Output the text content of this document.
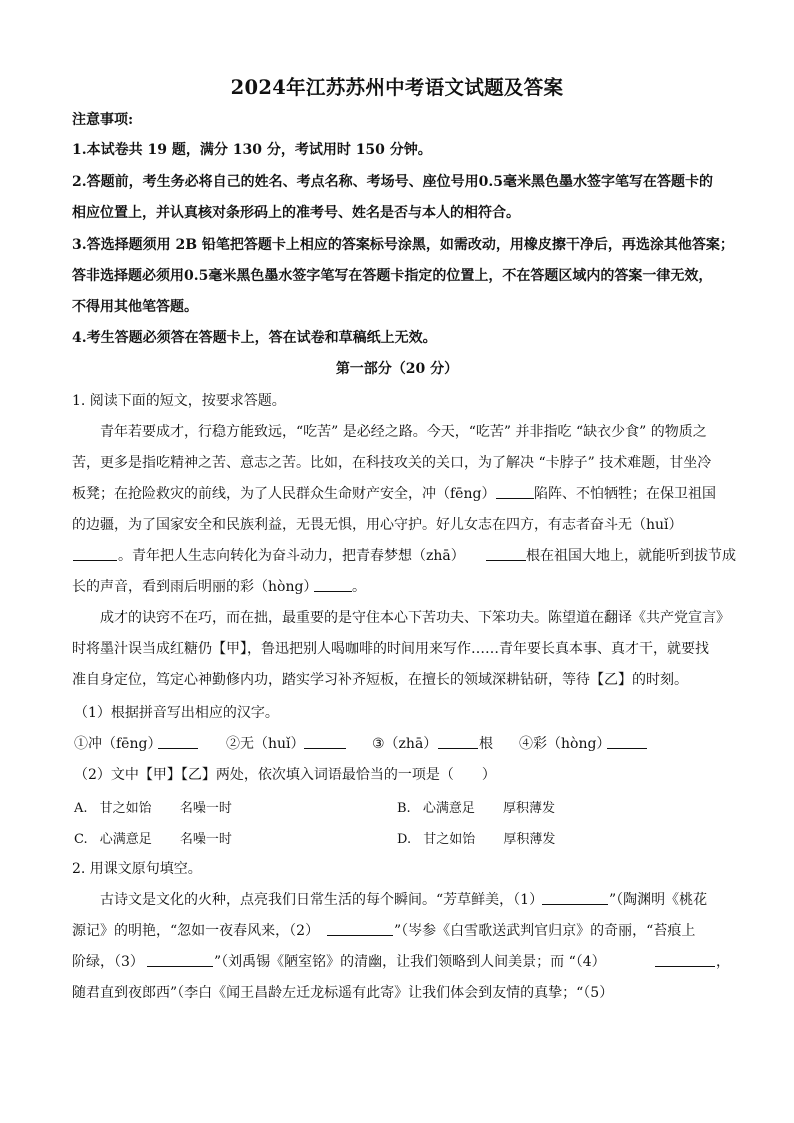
2024年江苏苏州中考语文试题及答案
注意事项:
1.本试卷共 19 题，满分 130 分，考试用时 150 分钟。
2.答题前，考生务必将自己的姓名、考点名称、考场号、座位号用0.5毫米黑色墨水签字笔写在答题卡的
相应位置上，并认真核对条形码上的准考号、姓名是否与本人的相符合。
3.答选择题须用 2B 铅笔把答题卡上相应的答案标号涂黑，如需改动，用橡皮擦干净后，再选涂其他答案；
答非选择题必须用0.5毫米黑色墨水签字笔写在答题卡指定的位置上，不在答题区域内的答案一律无效，
不得用其他笔答题。
4.考生答题必须答在答题卡上，答在试卷和草稿纸上无效。
第一部分（20 分）
1. 阅读下面的短文，按要求答题。
青年若要成才，行稳方能致远，“吃苦” 是必经之路。今天，“吃苦” 并非指吃 “缺衣少食” 的物质之
苦，更多是指吃精神之苦、意志之苦。比如，在科技攻关的关口，为了解决 “卡脖子” 技术难题，甘坐冷
板凳；在抢险救灾的前线，为了人民群众生命财产安全，冲（fēng）	陷阵、不怕牺牲；在保卫祖国
的边疆，为了国家安全和民族利益，无畏无惧，用心守护。好儿女志在四方，有志者奋斗无（huǐ）
。青年把人生志向转化为奋斗动力，把青春梦想（zhā）	根在祖国大地上，就能听到拔节成
长的声音，看到雨后明丽的彩（hòng） 。
成才的诀窍不在巧，而在拙，最重要的是守住本心下苦功夫、下笨功夫。陈望道在翻译《共产党宣言》
时将墨汁误当成红糖仍【甲】，鲁迅把别人喝咖啡的时间用来写作……青年要长真本事、真才干，就要找
准自身定位，笃定心神勤修内功，踏实学习补齐短板，在擅长的领域深耕钻研，等待【乙】的时刻。
（1）根据拼音写出相应的汉字。
①冲（fēng）	②无（huǐ）	③（zhā）	根 ④彩（hòng）
（2）文中【甲】【乙】两处，依次填入词语最恰当的一项是（　　）
A. 甘之如饴 名噪一时	B. 心满意足 厚积薄发
C. 心满意足 名噪一时	D. 甘之如饴 厚积薄发
2. 用课文原句填空。
古诗文是文化的火种，点亮我们日常生活的每个瞬间。“芳草鲜美，（1）	”（陶渊明《桃花
源记》的明艳，“忽如一夜春风来，（2）	”（岑参《白雪歌送武判官归京》的奇丽，“苔痕上
阶绿，（3）	”（刘禹锡《陋室铭》的清幽，让我们领略到人间美景；而 “（4）	，
随君直到夜郎西”（李白《闻王昌龄左迁龙标遥有此寄》让我们体会到友情的真挚；“（5）
